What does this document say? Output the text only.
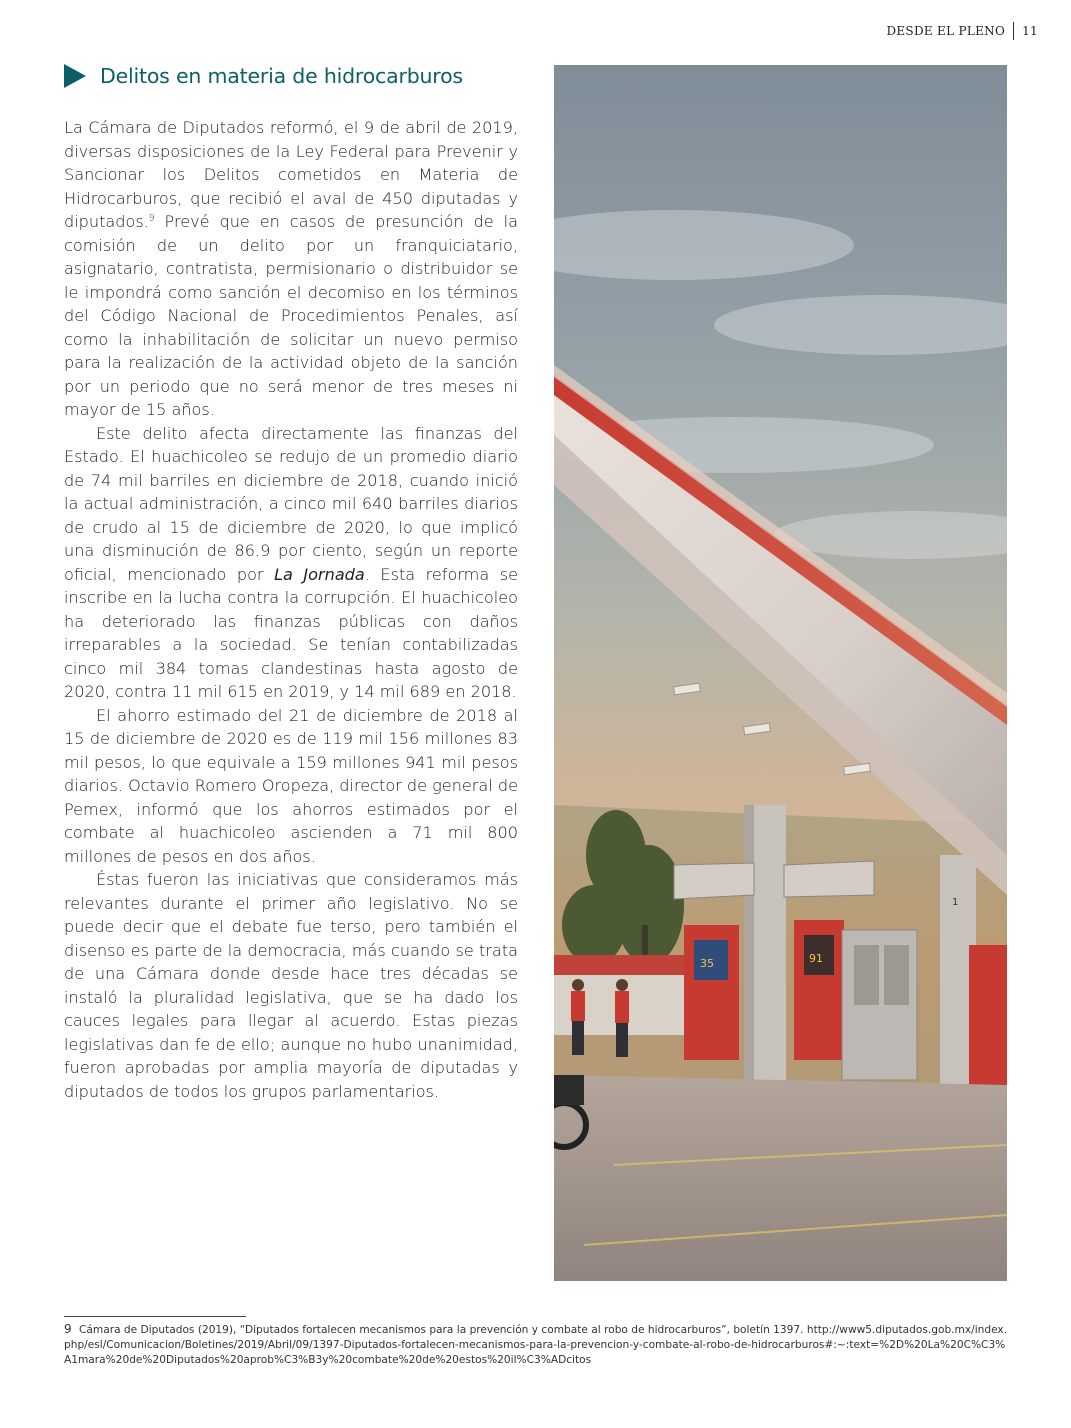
DESDE EL PLENO 11
Delitos en materia de hidrocarburos

La Cámara de Diputados reformó, el 9 de abril de 2019, diversas disposiciones de la Ley Federal para Prevenir y Sancionar los Delitos cometidos en Materia de Hidrocarburos, que recibió el aval de 450 diputadas y diputados.$^9$ Prevé que en casos de presunción de la comisión de un delito por un franquiciatario, asignatario, contratista, permisionario o distribuidor se le impondrá como sanción el decomiso en los términos del Código Nacional de Procedimientos Penales, así como la inhabilitación de solicitar un nuevo permiso para la realización de la actividad objeto de la sanción por un periodo que no será menor de tres meses ni mayor de 15 años.

Este delito afecta directamente las finanzas del Estado. El huachicoleo se redujo de un promedio diario de 74 mil barriles en diciembre de 2018, cuando inició la actual administración, a cinco mil 640 barriles diarios de crudo al 15 de diciembre de 2020, lo que implicó una disminución de 86.9 por ciento, según un reporte oficial, mencionado por La Jornada. Esta reforma se inscribe en la lucha contra la corrupción. El huachicoleo ha deteriorado las finanzas públicas con daños irreparables a la sociedad. Se tenían contabilizadas cinco mil 384 tomas clandestinas hasta agosto de 2020, contra 11 mil 615 en 2019, y 14 mil 689 en 2018.

El ahorro estimado del 21 de diciembre de 2018 al 15 de diciembre de 2020 es de 119 mil 156 millones 83 mil pesos, lo que equivale a 159 millones 941 mil pesos diarios. Octavio Romero Oropeza, director de general de Pemex, informó que los ahorros estimados por el combate al huachicoleo ascienden a 71 mil 800 millones de pesos en dos años.

Éstas fueron las iniciativas que consideramos más relevantes durante el primer año legislativo. No se puede decir que el debate fue terso, pero también el disenso es parte de la democracia, más cuando se trata de una Cámara donde desde hace tres décadas se instaló la pluralidad legislativa, que se ha dado los cauces legales para llegar al acuerdo. Estas piezas legislativas dan fe de ello; aunque no hubo unanimidad, fueron aprobadas por amplia mayoría de diputadas y diputados de todos los grupos parlamentarios.

1
35	91
9 Cámara de Diputados (2019), “Diputados fortalecen mecanismos para la prevención y combate al robo de hidrocarburos”, boletín 1397. http://www5.diputados.gob.mx/index.php/esl/Comunicacion/Boletines/2019/Abril/09/1397-Diputados-fortalecen-mecanismos-para-la-prevencion-y-combate-al-robo-de-hidrocarburos#:~:text=%2D%20La%20C%C3%A1mara%20de%20Diputados%20aprob%C3%B3y%20combate%20de%20estos%20il%C3%ADcitos
